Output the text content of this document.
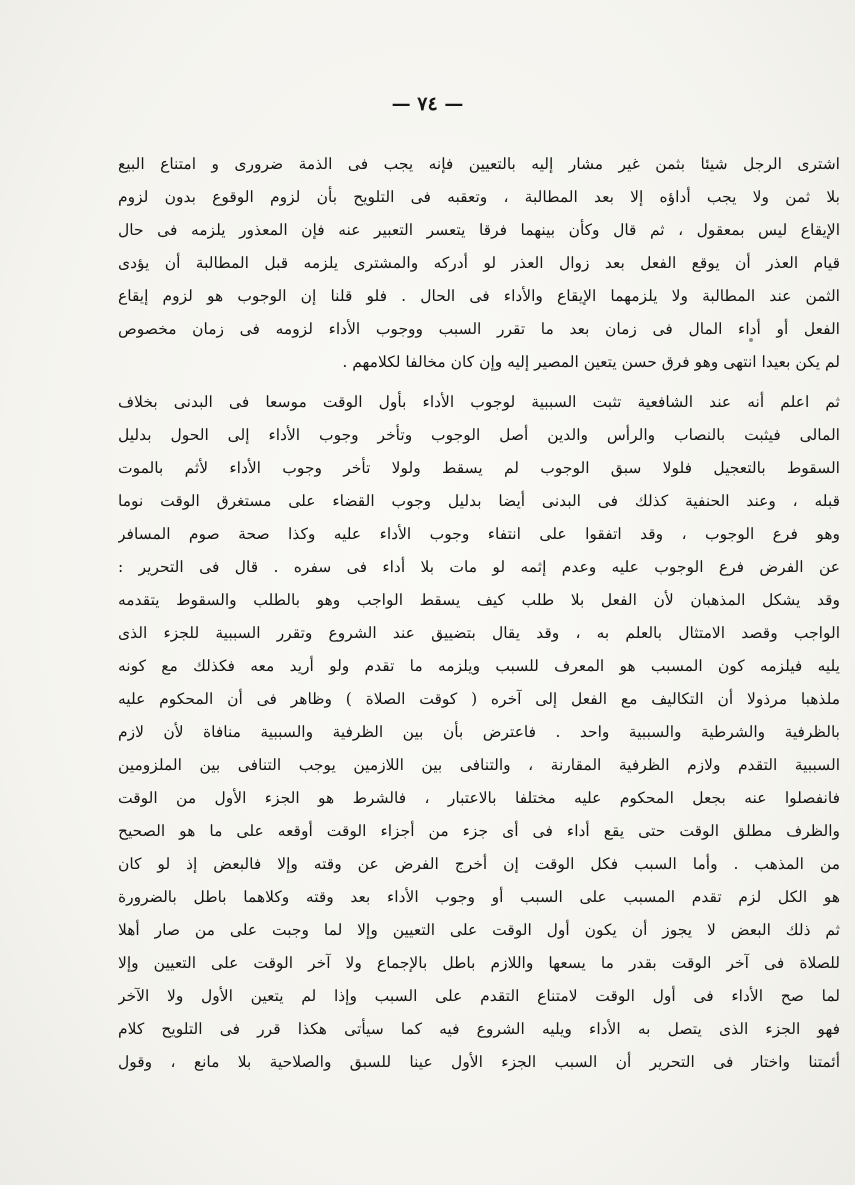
— ٧٤ —
اشترى الرجل شيئا بثمن غير مشار إليه بالتعيين فإنه يجب فى الذمة ضرورى و امتناع البيع
بلا ثمن ولا يجب أداؤه إلا بعد المطالبة ، وتعقبه فى التلويح بأن لزوم الوقوع بدون لزوم
الإيقاع ليس بمعقول ، ثم قال وكأن بينهما فرقا يتعسر التعبير عنه فإن المعذور يلزمه فى حال
قيام العذر أن يوقع الفعل بعد زوال العذر لو أدركه والمشترى يلزمه قبل المطالبة أن يؤدى
الثمن عند المطالبة ولا يلزمهما الإيقاع والأداء فى الحال . فلو قلنا إن الوجوب هو لزوم إيقاع
الفعل أو أداء المال فى زمان بعد ما تقرر السبب ووجوب الأداء لزومه فى زمان مخصوص
لم يكن بعيدا انتهى وهو فرق حسن يتعين المصير إليه وإن كان مخالفا لكلامهم .
ثم اعلم أنه عند الشافعية تثبت السببية لوجوب الأداء بأول الوقت موسعا فى البدنى بخلاف
المالى فيثبت بالنصاب والرأس والدين أصل الوجوب وتأخر وجوب الأداء إلى الحول بدليل
السقوط بالتعجيل فلولا سبق الوجوب لم يسقط ولولا تأخر وجوب الأداء لأثم بالموت
قبله ، وعند الحنفية كذلك فى البدنى أيضا بدليل وجوب القضاء على مستغرق الوقت نوما
وهو فرع الوجوب ، وقد اتفقوا على انتفاء وجوب الأداء عليه وكذا صحة صوم المسافر
عن الفرض فرع الوجوب عليه وعدم إثمه لو مات بلا أداء فى سفره . قال فى التحرير :
وقد يشكل المذهبان لأن الفعل بلا طلب كيف يسقط الواجب وهو بالطلب والسقوط يتقدمه
الواجب وقصد الامتثال بالعلم به ، وقد يقال بتضييق عند الشروع وتقرر السببية للجزء الذى
يليه فيلزمه كون المسبب هو المعرف للسبب ويلزمه ما تقدم ولو أريد معه فكذلك مع كونه
ملذهبا مرذولا أن التكاليف مع الفعل إلى آخره ( كوقت الصلاة ) وظاهر فى أن المحكوم عليه
بالظرفية والشرطية والسببية واحد . فاعترض بأن بين الظرفية والسببية منافاة لأن لازم
السببية التقدم ولازم الظرفية المقارنة ، والتنافى بين اللازمين يوجب التنافى بين الملزومين
فانفصلوا عنه بجعل المحكوم عليه مختلفا بالاعتبار ، فالشرط هو الجزء الأول من الوقت
والظرف مطلق الوقت حتى يقع أداء فى أى جزء من أجزاء الوقت أوقعه على ما هو الصحيح
من المذهب . وأما السبب فكل الوقت إن أخرج الفرض عن وقته وإلا فالبعض إذ لو كان
هو الكل لزم تقدم المسبب على السبب أو وجوب الأداء بعد وقته وكلاهما باطل بالضرورة
ثم ذلك البعض لا يجوز أن يكون أول الوقت على التعيين وإلا لما وجبت على من صار أهلا
للصلاة فى آخر الوقت بقدر ما يسعها واللازم باطل بالإجماع ولا آخر الوقت على التعيين وإلا
لما صح الأداء فى أول الوقت لامتناع التقدم على السبب وإذا لم يتعين الأول ولا الآخر
فهو الجزء الذى يتصل به الأداء ويليه الشروع فيه كما سيأتى هكذا قرر فى التلويح كلام
أئمتنا واختار فى التحرير أن السبب الجزء الأول عينا للسبق والصلاحية بلا مانع ، وقول
